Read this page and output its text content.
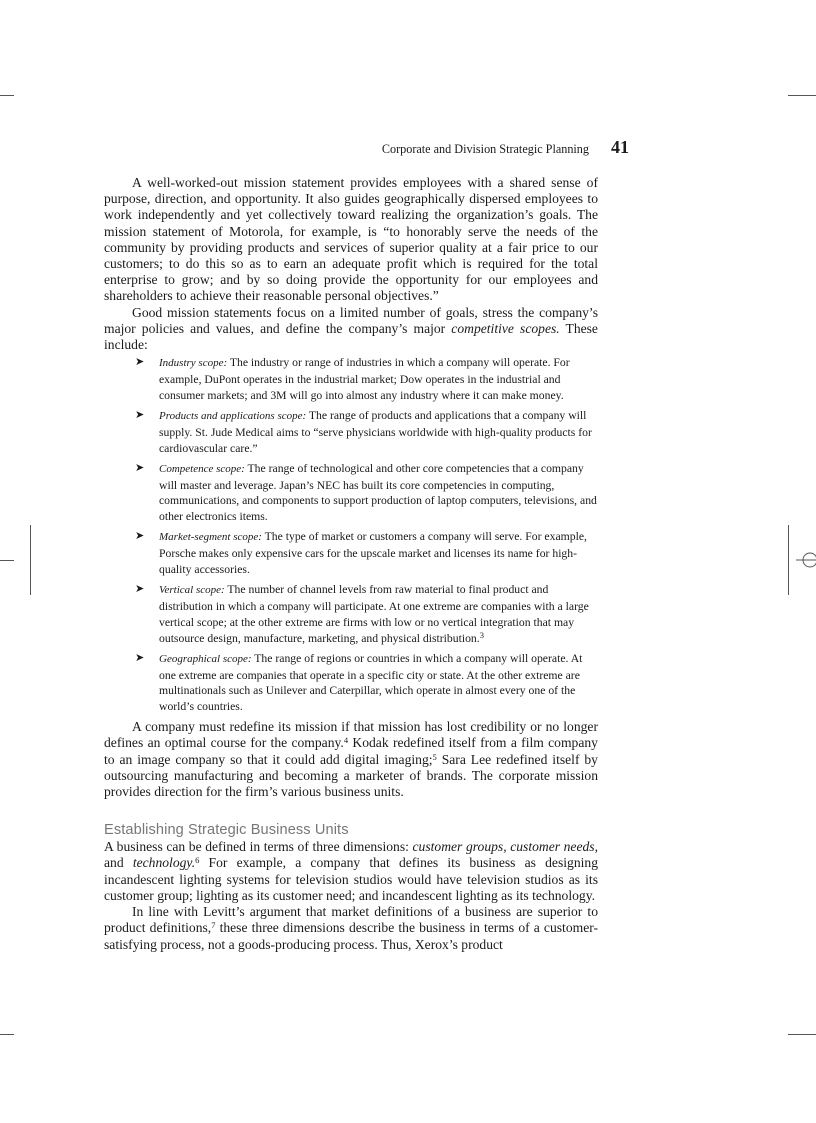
Corporate and Division Strategic Planning 41

A well-worked-out mission statement provides employees with a shared sense of purpose, direction, and opportunity. It also guides geographically dispersed employees to work independently and yet collectively toward realizing the organization’s goals. The mission statement of Motorola, for example, is “to honorably serve the needs of the community by providing products and services of superior quality at a fair price to our customers; to do this so as to earn an adequate profit which is required for the total enterprise to grow; and by so doing provide the opportunity for our employees and shareholders to achieve their reasonable personal objectives.”

Good mission statements focus on a limited number of goals, stress the company’s major policies and values, and define the company’s major competitive scopes. These include:

➤ Industry scope: The industry or range of industries in which a company will operate. For example, DuPont operates in the industrial market; Dow operates in the industrial and consumer markets; and 3M will go into almost any industry where it can make money.
➤ Products and applications scope: The range of products and applications that a company will supply. St. Jude Medical aims to “serve physicians worldwide with high-quality products for cardiovascular care.”
➤ Competence scope: The range of technological and other core competencies that a company will master and leverage. Japan’s NEC has built its core competencies in computing, communications, and components to support production of laptop computers, televisions, and other electronics items.
➤ Market-segment scope: The type of market or customers a company will serve. For example, Porsche makes only expensive cars for the upscale market and licenses its name for high-quality accessories.
➤ Vertical scope: The number of channel levels from raw material to final product and distribution in which a company will participate. At one extreme are companies with a large vertical scope; at the other extreme are firms with low or no vertical integration that may outsource design, manufacture, marketing, and physical distribution.$^3$
➤ Geographical scope: The range of regions or countries in which a company will operate. At one extreme are companies that operate in a specific city or state. At the other extreme are multinationals such as Unilever and Caterpillar, which operate in almost every one of the world’s countries.

A company must redefine its mission if that mission has lost credibility or no longer defines an optimal course for the company.$^4$ Kodak redefined itself from a film company to an image company so that it could add digital imaging;$^5$ Sara Lee redefined itself by outsourcing manufacturing and becoming a marketer of brands. The corporate mission provides direction for the firm’s various business units.

Establishing Strategic Business Units

A business can be defined in terms of three dimensions: customer groups, customer needs, and technology.$^6$ For example, a company that defines its business as designing incandescent lighting systems for television studios would have television studios as its customer group; lighting as its customer need; and incandescent lighting as its technology.

In line with Levitt’s argument that market definitions of a business are superior to product definitions,$^7$ these three dimensions describe the business in terms of a customer-satisfying process, not a goods-producing process. Thus, Xerox’s product
